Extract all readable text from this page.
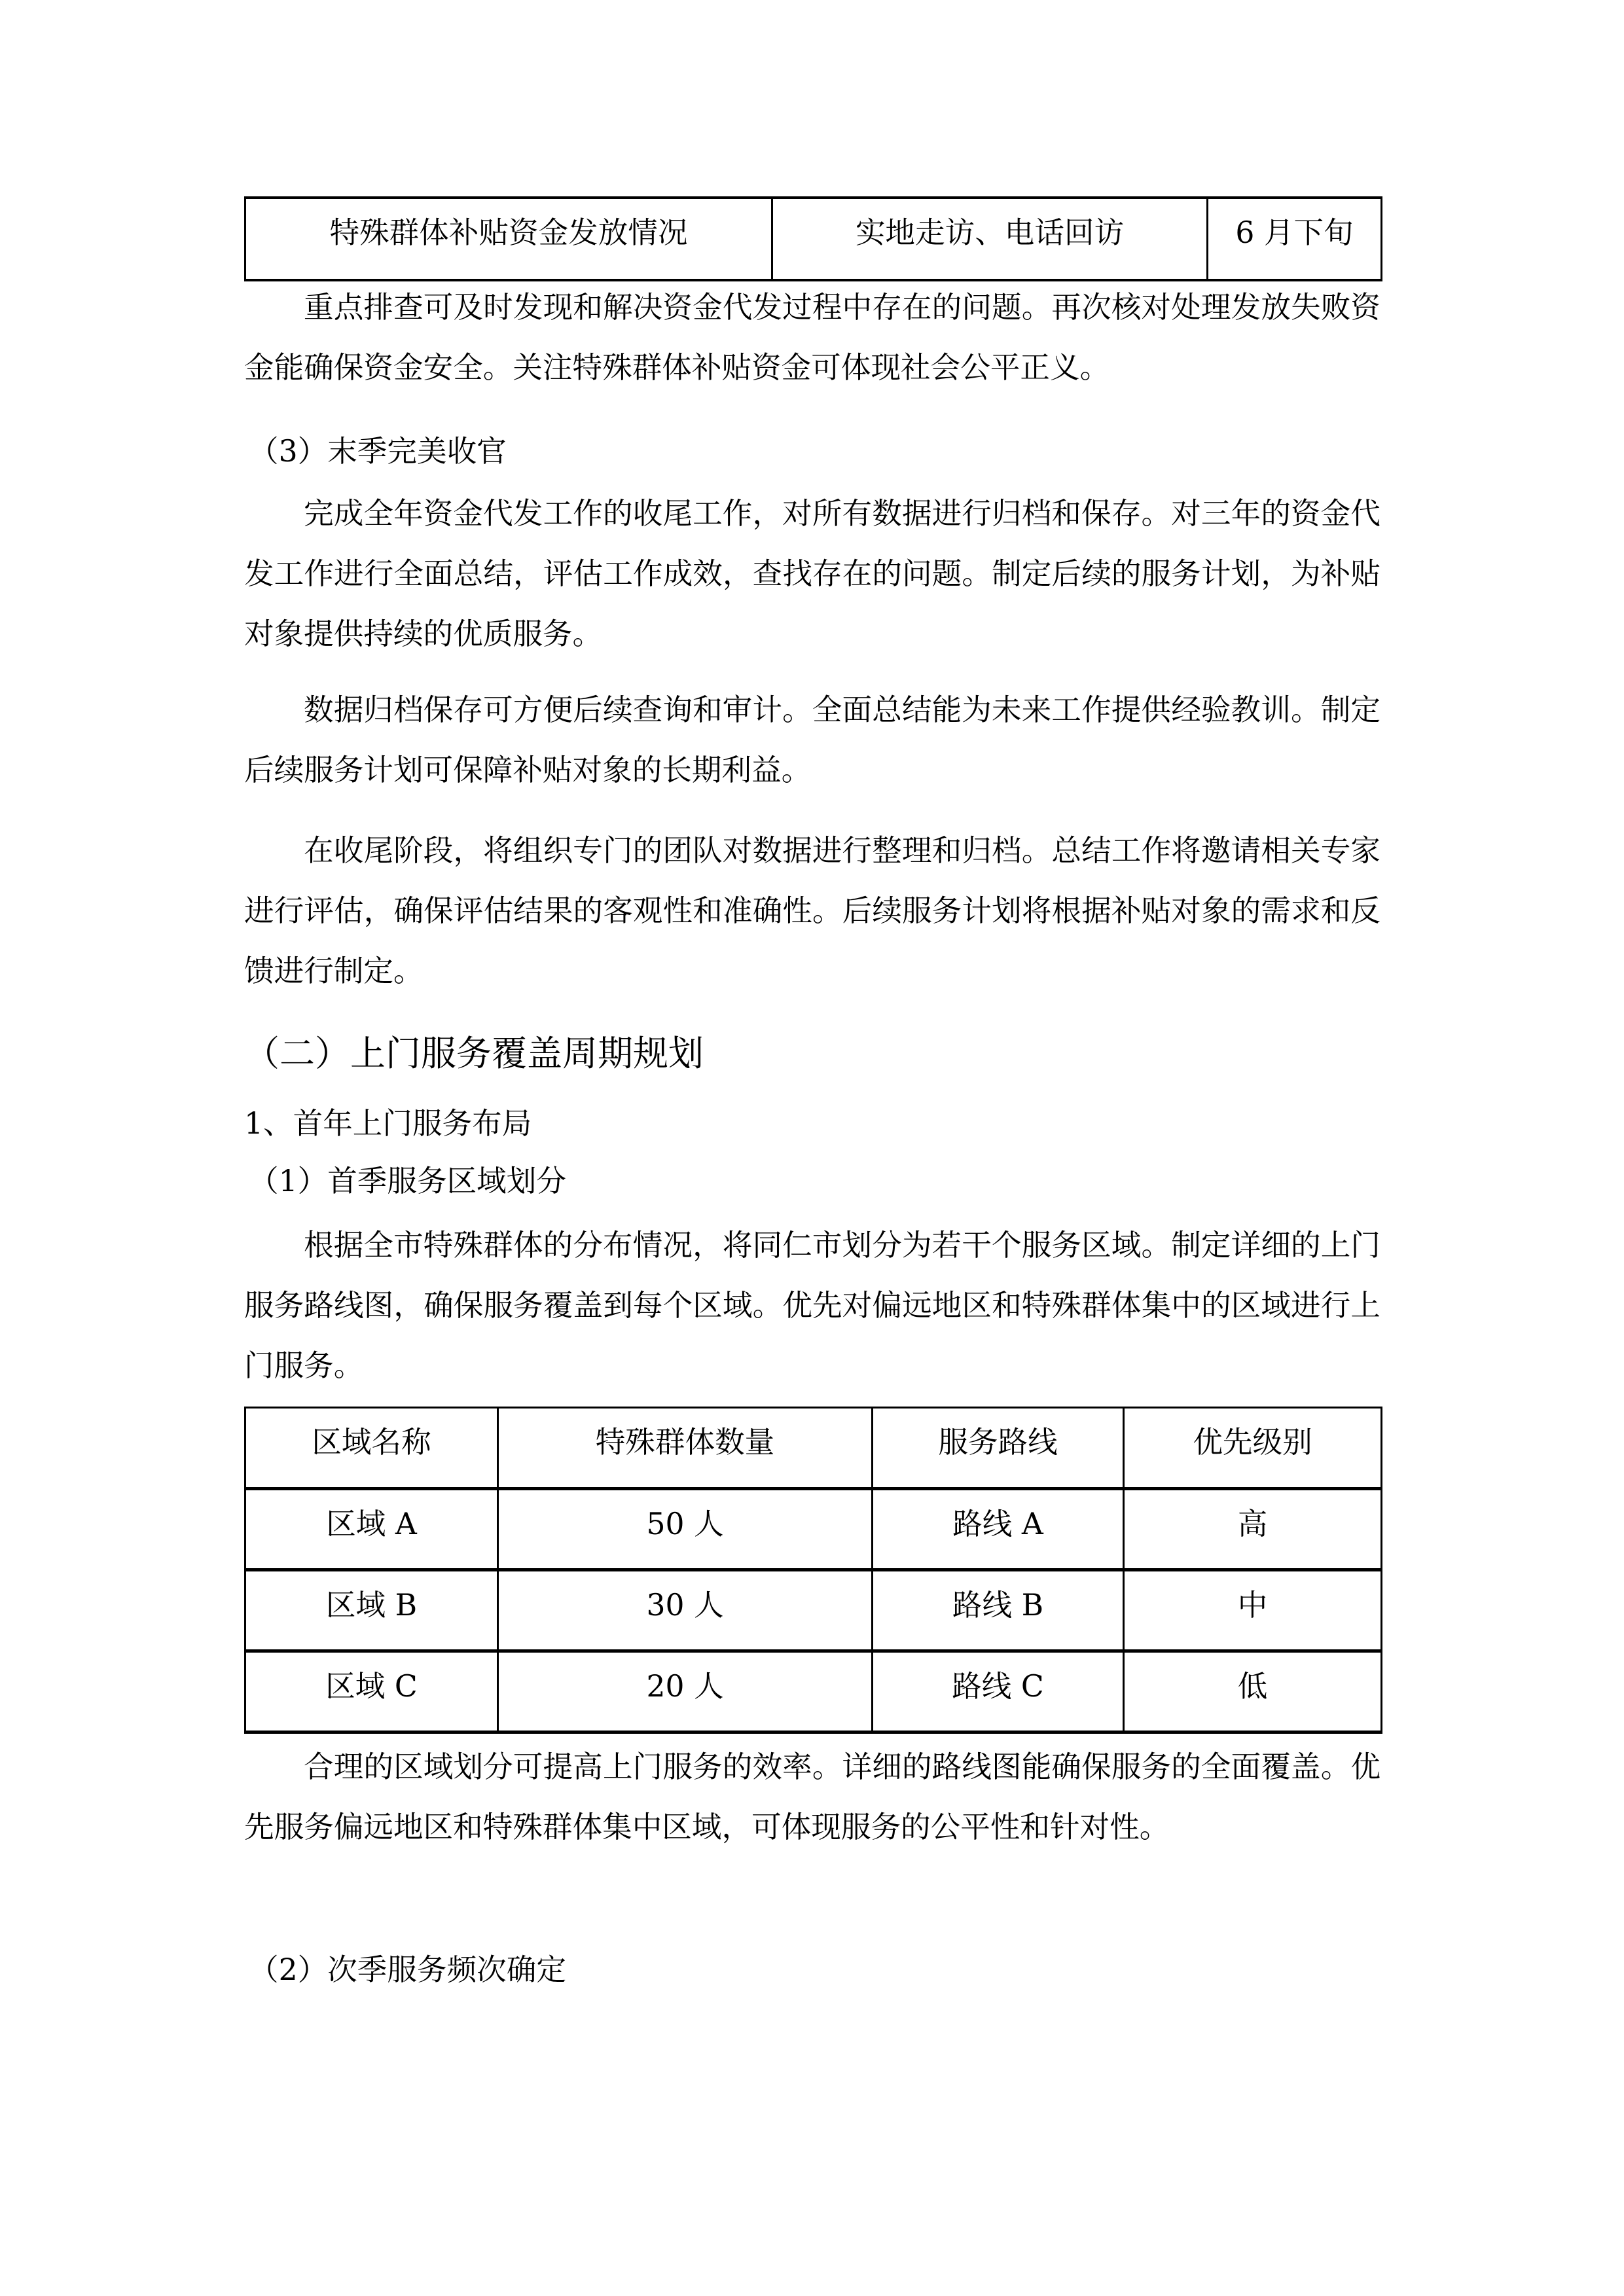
特殊群体补贴资金发放情况	实地走访、电话回访	6 月下旬

重点排查可及时发现和解决资金代发过程中存在的问题。再次核对处理发放失败资金能确保资金安全。关注特殊群体补贴资金可体现社会公平正义。

（3）末季完美收官

完成全年资金代发工作的收尾工作，对所有数据进行归档和保存。对三年的资金代发工作进行全面总结，评估工作成效，查找存在的问题。制定后续的服务计划，为补贴对象提供持续的优质服务。

数据归档保存可方便后续查询和审计。全面总结能为未来工作提供经验教训。制定后续服务计划可保障补贴对象的长期利益。

在收尾阶段，将组织专门的团队对数据进行整理和归档。总结工作将邀请相关专家进行评估，确保评估结果的客观性和准确性。后续服务计划将根据补贴对象的需求和反馈进行制定。

（二）上门服务覆盖周期规划

1、首年上门服务布局

（1）首季服务区域划分

根据全市特殊群体的分布情况，将同仁市划分为若干个服务区域。制定详细的上门服务路线图，确保服务覆盖到每个区域。优先对偏远地区和特殊群体集中的区域进行上门服务。

区域名称	特殊群体数量	服务路线	优先级别
区域 A	50 人	路线 A	高
区域 B	30 人	路线 B	中
区域 C	20 人	路线 C	低

合理的区域划分可提高上门服务的效率。详细的路线图能确保服务的全面覆盖。优先服务偏远地区和特殊群体集中区域，可体现服务的公平性和针对性。

（2）次季服务频次确定
